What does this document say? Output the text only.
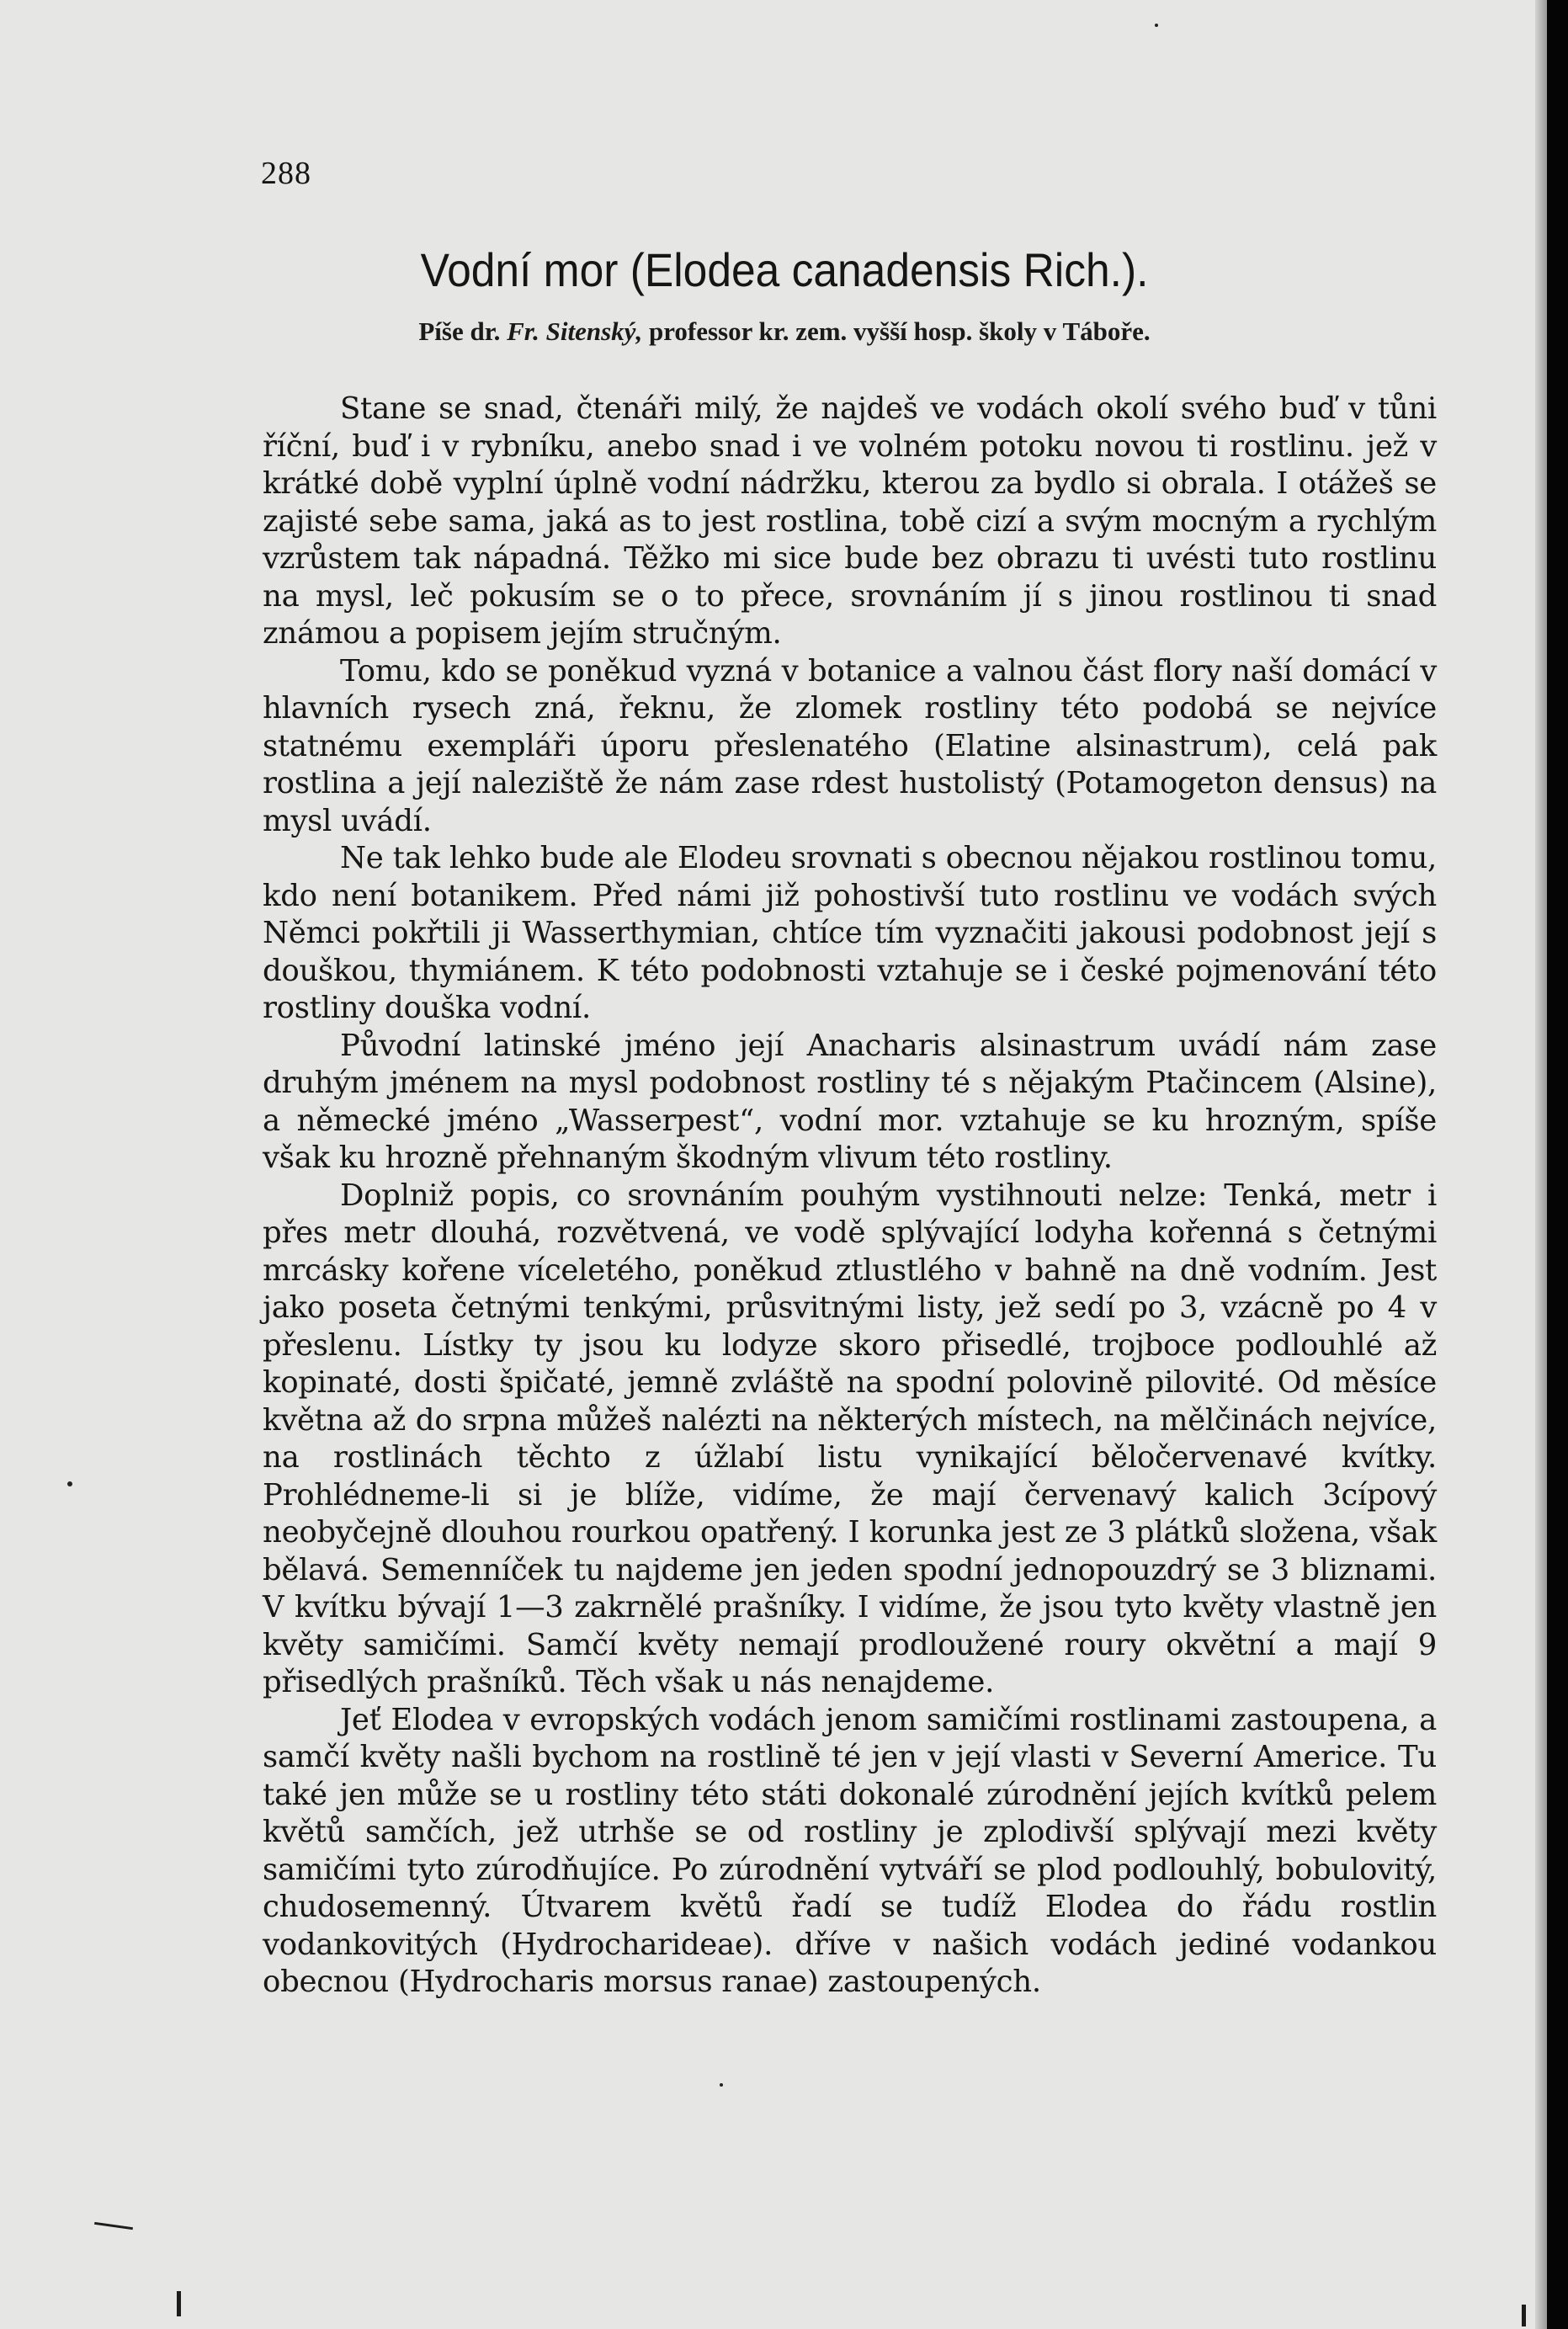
288
Vodní mor (Elodea canadensis Rich.).
Píše dr. Fr. Sitenský, professor kr. zem. vyšší hosp. školy v Táboře.

Stane se snad, čtenáři milý, že najdeš ve vodách okolí svého buď v tůni říční, buď i v rybníku, anebo snad i ve volném potoku novou ti rostlinu. jež v krátké době vyplní úplně vodní nádržku, kterou za bydlo si obrala. I otážeš se zajisté sebe sama, jaká as to jest rostlina, tobě cizí a svým mocným a rychlým vzrůstem tak nápadná. Těžko mi sice bude bez obrazu ti uvésti tuto rostlinu na mysl, leč pokusím se o to přece, srovnáním jí s jinou rostlinou ti snad známou a popisem jejím stručným.

Tomu, kdo se poněkud vyzná v botanice a valnou část flory naší domácí v hlavních rysech zná, řeknu, že zlomek rostliny této podobá se nejvíce statnému exempláři úporu přeslenatého (Elatine alsinastrum), celá pak rostlina a její naleziště že nám zase rdest hustolistý (Potamogeton densus) na mysl uvádí.

Ne tak lehko bude ale Elodeu srovnati s obecnou nějakou rostlinou tomu, kdo není botanikem. Před námi již pohostivší tuto rostlinu ve vodách svých Němci pokřtili ji Wasserthymian, chtíce tím vyznačiti jakousi podobnost její s douškou, thymiánem. K této podobnosti vztahuje se i české pojmenování této rostliny douška vodní.

Původní latinské jméno její Anacharis alsinastrum uvádí nám zase druhým jménem na mysl podobnost rostliny té s nějakým Ptačincem (Alsine), a německé jméno „Wasserpest“, vodní mor. vztahuje se ku hrozným, spíše však ku hrozně přehnaným škodným vlivum této rostliny.

Doplniž popis, co srovnáním pouhým vystihnouti nelze: Tenká, metr i přes metr dlouhá, rozvětvená, ve vodě splývající lodyha kořenná s četnými mrcásky kořene víceletého, poněkud ztlustlého v bahně na dně vodním. Jest jako poseta četnými tenkými, průsvitnými listy, jež sedí po 3, vzácně po 4 v přeslenu. Lístky ty jsou ku lodyze skoro přisedlé, trojboce podlouhlé až kopinaté, dosti špičaté, jemně zvláště na spodní polovině pilovité. Od měsíce května až do srpna můžeš nalézti na některých místech, na mělčinách nejvíce, na rostlinách těchto z úžlabí listu vynikající běločervenavé kvítky. Prohlédneme-li si je blíže, vidíme, že mají červenavý kalich 3cípový neobyčejně dlouhou rourkou opatřený. I korunka jest ze 3 plátků složena, však bělavá. Semenníček tu najdeme jen jeden spodní jednopouzdrý se 3 bliznami. V kvítku bývají 1—3 zakrnělé prašníky. I vidíme, že jsou tyto květy vlastně jen květy samičími. Samčí květy nemají prodloužené roury okvětní a mají 9 přisedlých prašníků. Těch však u nás nenajdeme.

Jeť Elodea v evropských vodách jenom samičími rostlinami zastoupena, a samčí květy našli bychom na rostlině té jen v její vlasti v Severní Americe. Tu také jen může se u rostliny této státi dokonalé zúrodnění jejích kvítků pelem květů samčích, jež utrhše se od rostliny je zplodivší splývají mezi květy samičími tyto zúrodňujíce. Po zúrodnění vytváří se plod podlouhlý, bobulovitý, chudosemenný. Útvarem květů řadí se tudíž Elodea do řádu rostlin vodankovitých (Hydrocharideae). dříve v našich vodách jediné vodankou obecnou (Hydrocharis morsus ranae) zastoupených.
